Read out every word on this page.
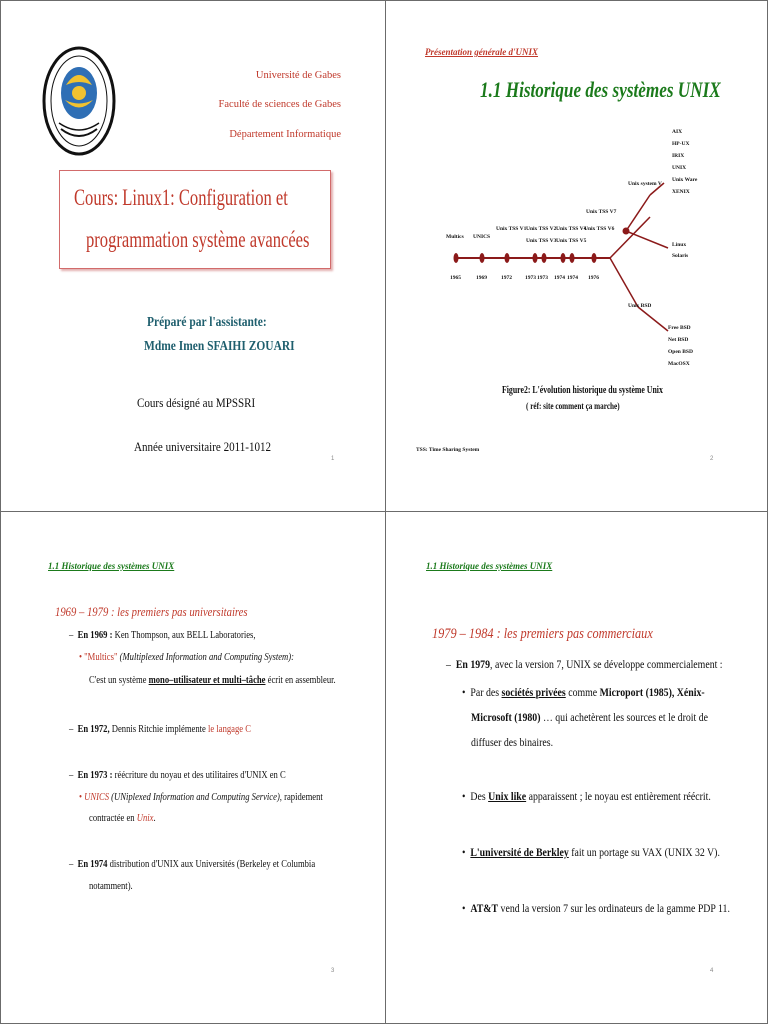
Université de Gabes
Faculté de sciences de Gabes
Département Informatique
Cours: Linux1: Configuration et
programmation système avancées
Préparé par l'assistante:
Mdme Imen SFAIHI ZOUARI
Cours désigné au MPSSRI
Année universitaire 2011-1012
1
Présentation générale d'UNIX
1.1 Historique des systèmes UNIX
Multics UNICS
Unix TSS V1 Unix TSS V2
Unix TSS V3
Unix TSS V4
Unix TSS V5
Unix TSS V6
Unix TSS V7
1965	1969	1972 1973 1973 1974 1974 1976
Unix system V
Unix BSD
AIX
HP-UX
IRIX
UNIX
Unix Ware
XENIX
Linux
Solaris
Free BSD
Net BSD
Open BSD
MacOSX
Figure2: L'évolution historique du système Unix
( réf: site comment ça marche)
TSS: Time Sharing System
2
1.1 Historique des systèmes UNIX
1969 – 1979 : les premiers pas universitaires
–  En 1969 : Ken Thompson, aux BELL Laboratories,
• "Multics" (Multiplexed Information and Computing System):
C'est un système mono–utilisateur et multi–tâche écrit en assembleur.
–  En 1972, Dennis Ritchie implémente le langage C
–  En 1973 : réécriture du noyau et des utilitaires d'UNIX en C
• UNICS (UNiplexed Information and Computing Service), rapidement
contractée en Unix.
–  En 1974 distribution d'UNIX aux Universités (Berkeley et Columbia
notamment).
3
1.1 Historique des systèmes UNIX
1979 – 1984 : les premiers pas commerciaux
–  En 1979, avec la version 7, UNIX se développe commercialement :
•  Par des sociétés privées comme Microport (1985), Xénix-
Microsoft (1980) … qui achetèrent les sources et le droit de
diffuser des binaires.
•  Des Unix like apparaissent ; le noyau est entièrement réécrit.
•  L'université de Berkley fait un portage su VAX (UNIX 32 V).
•  AT&T vend la version 7 sur les ordinateurs de la gamme PDP 11.
4
